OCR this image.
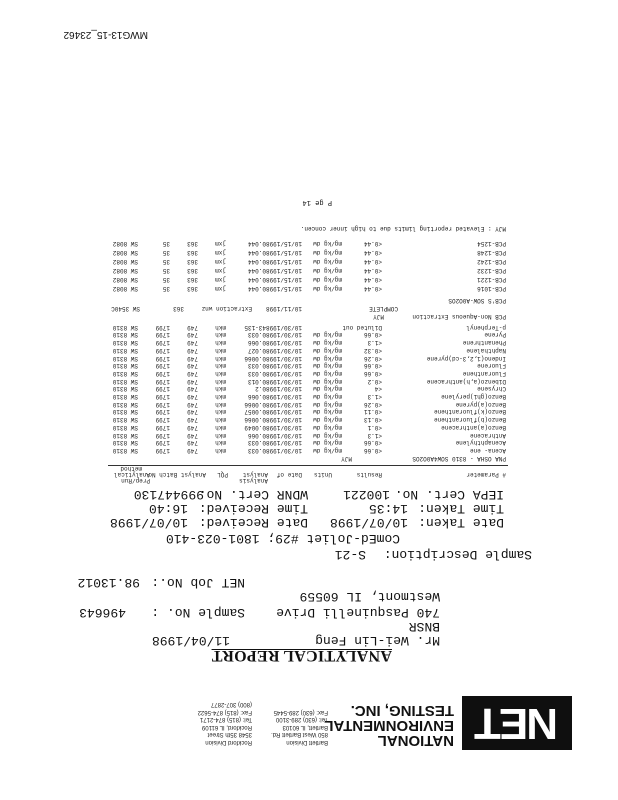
NET
NATIONAL
ENVIRONMENTAL
TESTING, INC.
Bartlett Division
850 West Bartlett Rd.
Bartlett, IL 60103
Tel: (630) 289-3100
Fax: (630) 289-5445
Rockford Division
3548 35th Street
Rockford, IL 61109
Tel: (815) 874-2171
Fax: (815) 874-5622
(800) 307-2877
ANALYTICAL REPORT
Mr. Wei-Lin Feng
11/04/1998
BNSR
740 Pasquinelli Drive
Sample No. :
496643
Westmont, IL 60559
NET Job No.:
98.13012
Sample Description:
S-21
ComEd-Joliet #29; 1801-023-410
Date Taken:
10/07/1998
Date Received:
10/07/1998
Time Taken:
14:35
Time Received:
16:40
IEPA Cert. No.
100221
WDNR Cert. No.
999447130
# Parameter
Results
Units
Date of
Analysis
Analyst
PQL
Analyst Batch No.
Prep/Run
Analytical
method
PNA OSHA - 8310 SOW4A0O2OS
MJY
Acena- ene
<0.66
mg/kg dw
10/30/1998
0.033
mkh
749
1799
SW 8310
Acenaphthylene
<0.66
mg/kg dw
10/30/1998
0.033
mkh
749
1799
SW 8310
Anthracene
<1.3
mg/kg dw
10/30/1998
0.066
mkh
749
1799
SW 8310
Benzo(a)anthracene
<0.1
mg/kg dw
10/30/1998
0.0049
mkh
749
1799
SW 8310
Benzo(b)fluoranthene
<0.13
mg/kg dw
10/30/1998
0.0066
mkh
749
1799
SW 8310
Benzo(k)fluoranthene
<0.11
mg/kg dw
10/30/1998
0.0057
mkh
749
1799
SW 8310
Benzo(a)pyrene
<0.26
mg/kg dw
10/30/1998
0.0066
mkh
749
1799
SW 8310
Benzo(ghi)perylene
<1.3
mg/kg dw
10/30/1998
0.066
mkh
749
1799
SW 8310
Chrysene
<4
mg/kg dw
10/30/1998
0.2
mkh
749
1799
SW 8310
Dibenzo(a,h)anthracene
<0.2
mg/kg dw
10/30/1998
0.013
mkh
749
1799
SW 8310
Fluoranthene
<0.66
mg/kg dw
10/30/1998
0.033
mkh
749
1799
SW 8310
Fluorene
<0.66
mg/kg dw
10/30/1998
0.033
mkh
749
1799
SW 8310
Indeno(1,2,3-cd)pyrene
<0.26
mg/kg dw
10/30/1998
0.0066
mkh
749
1799
SW 8310
Naphthalene
<0.32
mg/kg dw
10/30/1998
0.027
mkh
749
1799
SW 8310
Phenanthrene
<1.3
mg/kg dw
10/30/1998
0.066
mkh
749
1799
SW 8310
Pyrene
<0.66
mg/kg dw
10/30/1998
0.033
mkh
749
1799
SW 8310
p-Terphenyl
Diluted out
10/30/1998
43-135
mkh
749
1799
SW 8310
PCB Non-Aqueous Extraction
MJY
COMPLETE
10/11/1998
Extraction wnz
363
SW 3540C
PCB'S SOW-A0O2OS
PCB-1016
<0.44
mg/kg dw
10/15/1998
0.044
jxm
363
35
SW 8082
PCB-1221
<0.44
mg/kg dw
10/15/1998
0.044
jxm
363
35
SW 8082
PCB-1232
<0.44
mg/kg dw
10/15/1998
0.044
jxm
363
35
SW 8082
PCB-1242
<0.44
mg/kg dw
10/15/1998
0.044
jxm
363
35
SW 8082
PCB-1248
<0.44
mg/kg dw
10/15/1998
0.044
jxm
363
35
SW 8082
PCB-1254
<0.44
mg/kg dw
10/15/1998
0.044
jxm
363
35
SW 8082
MJY : Elevated reporting limits due to high inner concen.
P ge 14
MWG13-15_23462
